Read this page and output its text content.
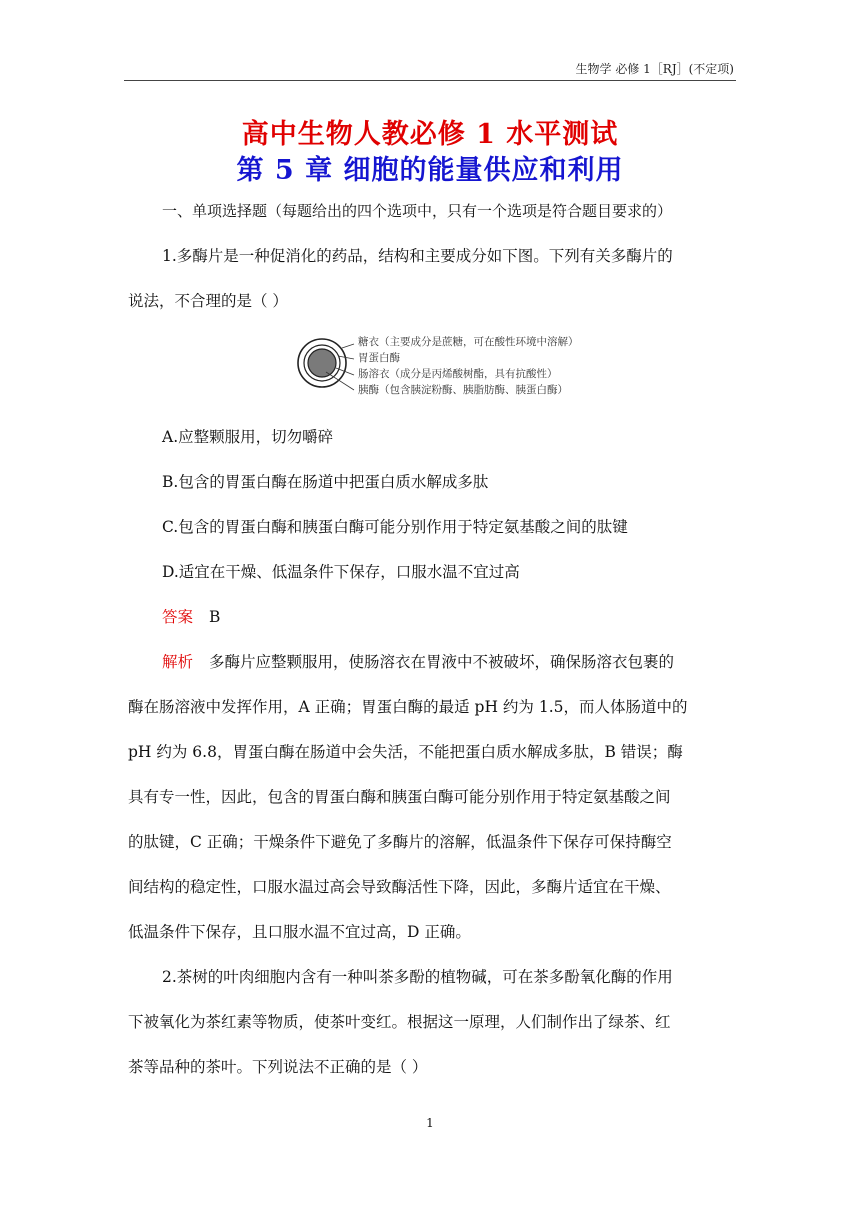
生物学 必修 1［RJ］(不定项)
高中生物人教必修 1 水平测试
第 5 章 细胞的能量供应和利用
一、单项选择题（每题给出的四个选项中，只有一个选项是符合题目要求的）
1.多酶片是一种促消化的药品，结构和主要成分如下图。下列有关多酶片的
说法，不合理的是（ ）
糖衣（主要成分是蔗糖，可在酸性环境中溶解）
胃蛋白酶
肠溶衣（成分是丙烯酸树酯，具有抗酸性）
胰酶（包含胰淀粉酶、胰脂肪酶、胰蛋白酶）
A.应整颗服用，切勿嚼碎
B.包含的胃蛋白酶在肠道中把蛋白质水解成多肽
C.包含的胃蛋白酶和胰蛋白酶可能分别作用于特定氨基酸之间的肽键
D.适宜在干燥、低温条件下保存，口服水温不宜过高
答案 B
解析 多酶片应整颗服用，使肠溶衣在胃液中不被破坏，确保肠溶衣包裹的
酶在肠溶液中发挥作用，A 正确；胃蛋白酶的最适 pH 约为 1.5，而人体肠道中的
pH 约为 6.8，胃蛋白酶在肠道中会失活，不能把蛋白质水解成多肽，B 错误；酶
具有专一性，因此，包含的胃蛋白酶和胰蛋白酶可能分别作用于特定氨基酸之间
的肽键，C 正确；干燥条件下避免了多酶片的溶解，低温条件下保存可保持酶空
间结构的稳定性，口服水温过高会导致酶活性下降，因此，多酶片适宜在干燥、
低温条件下保存，且口服水温不宜过高，D 正确。
2.茶树的叶肉细胞内含有一种叫茶多酚的植物碱，可在茶多酚氧化酶的作用
下被氧化为茶红素等物质，使茶叶变红。根据这一原理，人们制作出了绿茶、红
茶等品种的茶叶。下列说法不正确的是（ ）
1
